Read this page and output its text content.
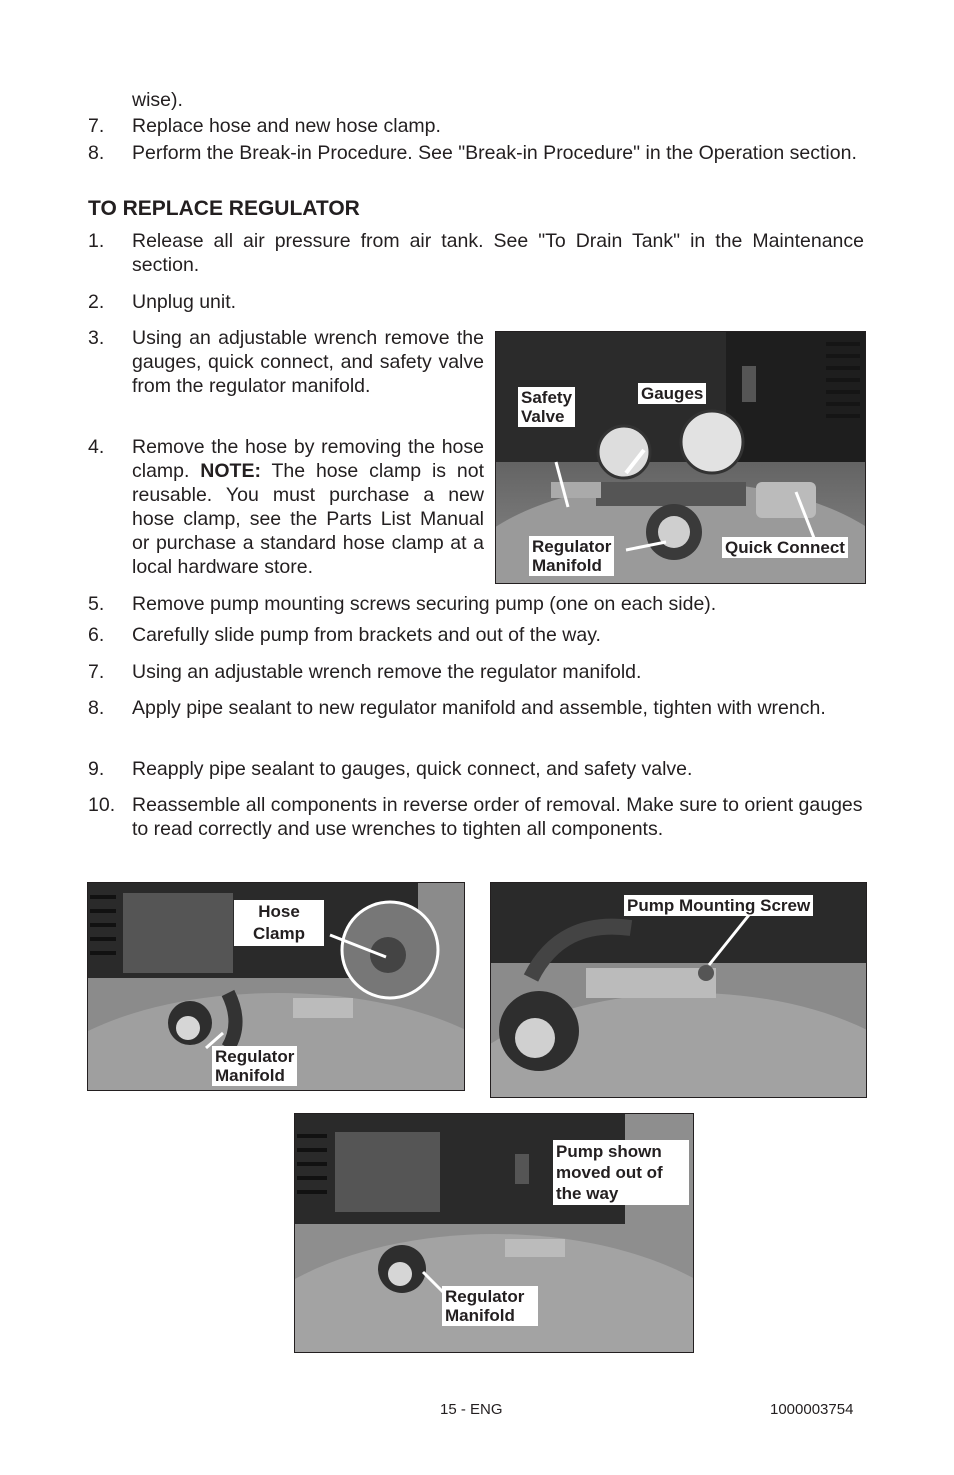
wise).
7. Replace hose and new hose clamp.
8. Perform the Break-in Procedure. See "Break-in Procedure" in the Operation section.
TO REPLACE REGULATOR
1. Release all air pressure from air tank. See "To Drain Tank" in the Maintenance section.
2. Unplug unit.
3. Using an adjustable wrench remove the gauges, quick connect, and safety valve from the regulator manifold.
4. Remove the hose by removing the hose clamp. NOTE: The hose clamp is not reusable. You must purchase a new hose clamp, see the Parts List Manual or purchase a standard hose clamp at a local hardware store.
Safety
Valve
Gauges
Regulator
Manifold
Quick Connect
5. Remove pump mounting screws securing pump (one on each side).
6. Carefully slide pump from brackets and out of the way.
7. Using an adjustable wrench remove the regulator manifold.
8. Apply pipe sealant to new regulator manifold and assemble, tighten with wrench.
9. Reapply pipe sealant to gauges, quick connect, and safety valve.
10. Reassemble all components in reverse order of removal. Make sure to orient gauges to read correctly and use wrenches to tighten all components.
Hose
Clamp
Regulator
Manifold
Pump Mounting Screw
Pump shown
moved out of
the way
Regulator
Manifold
15 - ENG	1000003754
